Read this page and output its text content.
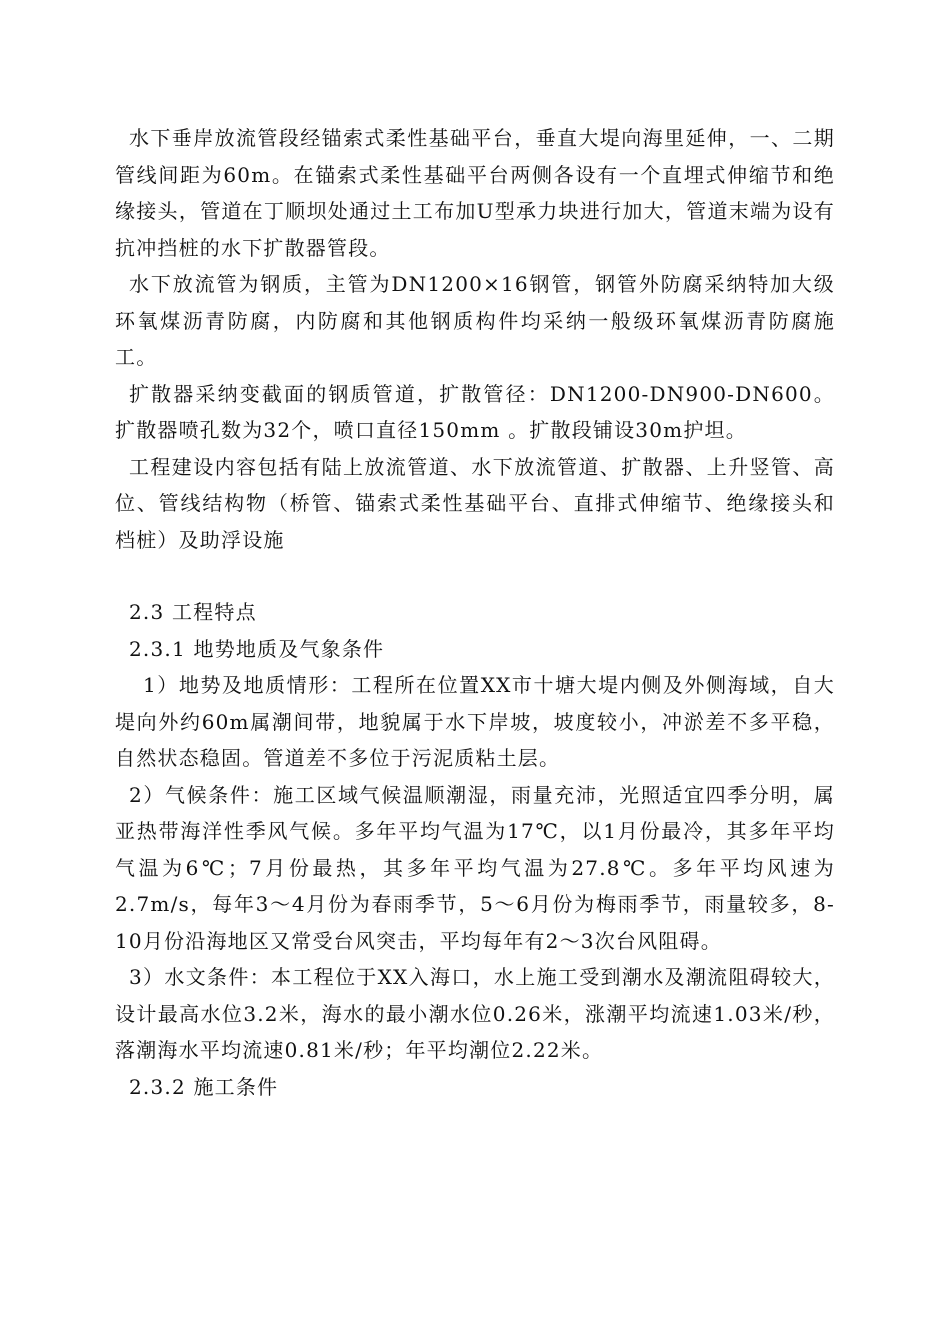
水下垂岸放流管段经锚索式柔性基础平台，垂直大堤向海里延伸，一、二期管线间距为60m。在锚索式柔性基础平台两侧各设有一个直埋式伸缩节和绝缘接头，管道在丁顺坝处通过土工布加U型承力块进行加大，管道末端为设有抗冲挡桩的水下扩散器管段。

水下放流管为钢质，主管为DN1200×16钢管，钢管外防腐采纳特加大级环氧煤沥青防腐，内防腐和其他钢质构件均采纳一般级环氧煤沥青防腐施工。

扩散器采纳变截面的钢质管道，扩散管径：DN1200-DN900-DN600。扩散器喷孔数为32个，喷口直径150mm 。扩散段铺设30m护坦。

工程建设内容包括有陆上放流管道、水下放流管道、扩散器、上升竖管、高位、管线结构物（桥管、锚索式柔性基础平台、直排式伸缩节、绝缘接头和档桩）及助浮设施

2.3 工程特点

2.3.1 地势地质及气象条件

1）地势及地质情形：工程所在位置XX市十塘大堤内侧及外侧海域，自大堤向外约60m属潮间带，地貌属于水下岸坡，坡度较小，冲淤差不多平稳，自然状态稳固。管道差不多位于污泥质粘土层。

2）气候条件：施工区域气候温顺潮湿，雨量充沛，光照适宜四季分明，属亚热带海洋性季风气候。多年平均气温为17℃，以1月份最冷，其多年平均气温为6℃；7月份最热，其多年平均气温为27.8℃。多年平均风速为2.7m/s，每年3～4月份为春雨季节，5～6月份为梅雨季节，雨量较多，8-10月份沿海地区又常受台风突击，平均每年有2～3次台风阻碍。

3）水文条件：本工程位于XX入海口，水上施工受到潮水及潮流阻碍较大，设计最高水位3.2米，海水的最小潮水位0.26米，涨潮平均流速1.03米/秒，落潮海水平均流速0.81米/秒；年平均潮位2.22米。

2.3.2 施工条件
